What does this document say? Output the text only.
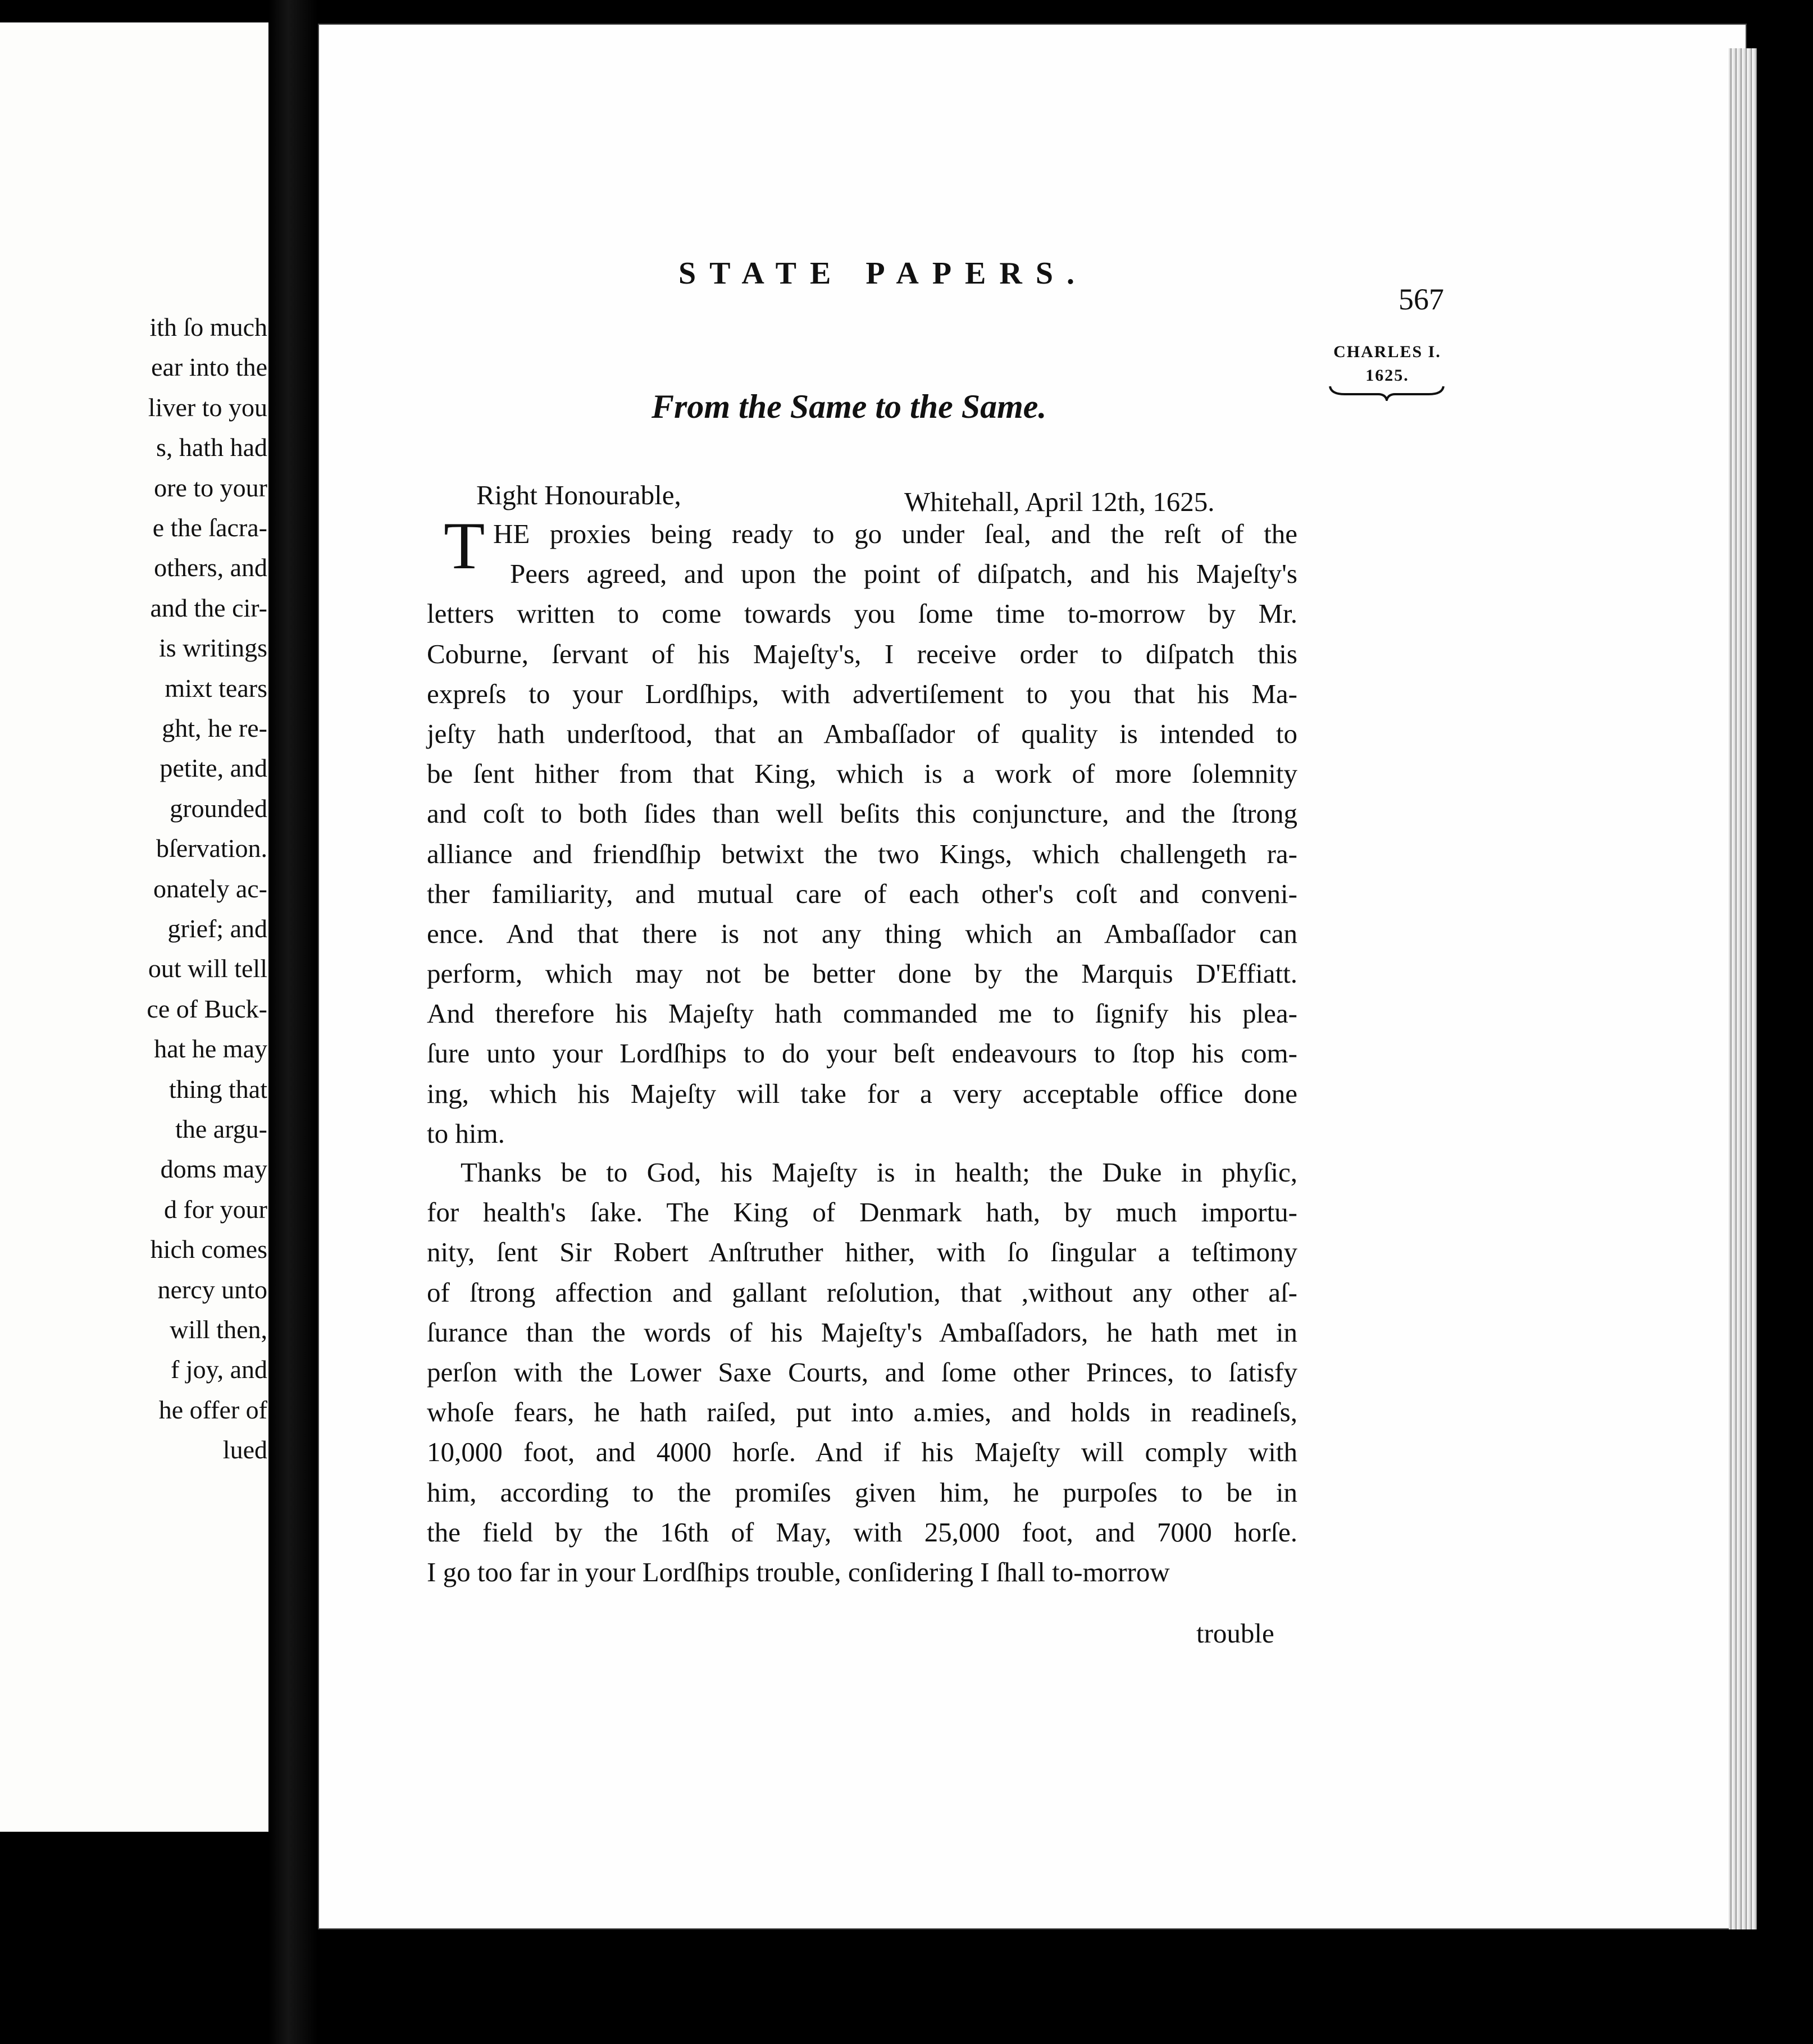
ith ſo much
ear into the
liver to you
s, hath had
ore to your
e the ſacra-
others, and
and the cir-
is writings
mixt tears
ght, he re-
petite, and
grounded
bſervation.
onately ac-
grief; and
out will tell
ce of Buck-
hat he may
thing that
the argu-
doms may
d for your
hich comes
nercy unto
will then,
f joy, and
he offer of
lued
STATE PAPERS.
567
CHARLES I.
1625.
From the Same to the Same.
Right Honourable,	Whitehall, April 12th, 1625.
T HE proxies being ready to go under ſeal, and the reſt of the
Peers agreed, and upon the point of diſpatch, and his Majeſty's
letters written to come towards you ſome time to-morrow by Mr.
Coburne, ſervant of his Majeſty's, I receive order to diſpatch this
expreſs to your Lordſhips, with advertiſement to you that his Ma-
jeſty hath underſtood, that an Ambaſſador of quality is intended to
be ſent hither from that King, which is a work of more ſolemnity
and coſt to both ſides than well beſits this conjuncture, and the ſtrong
alliance and friendſhip betwixt the two Kings, which challengeth ra-
ther familiarity, and mutual care of each other's coſt and conveni-
ence. And that there is not any thing which an Ambaſſador can
perform, which may not be better done by the Marquis D'Effiatt.
And therefore his Majeſty hath commanded me to ſignify his plea-
ſure unto your Lordſhips to do your beſt endeavours to ſtop his com-
ing, which his Majeſty will take for a very acceptable office done
to him.
Thanks be to God, his Majeſty is in health; the Duke in phyſic,
for health's ſake. The King of Denmark hath, by much importu-
nity, ſent Sir Robert Anſtruther hither, with ſo ſingular a teſtimony
of ſtrong affection and gallant reſolution, that ,without any other aſ-
ſurance than the words of his Majeſty's Ambaſſadors, he hath met in
perſon with the Lower Saxe Courts, and ſome other Princes, to ſatisfy
whoſe fears, he hath raiſed, put into a.mies, and holds in readineſs,
10,000 foot, and 4000 horſe. And if his Majeſty will comply with
him, according to the promiſes given him, he purpoſes to be in
the field by the 16th of May, with 25,000 foot, and 7000 horſe.
I go too far in your Lordſhips trouble, conſidering I ſhall to-morrow
trouble
